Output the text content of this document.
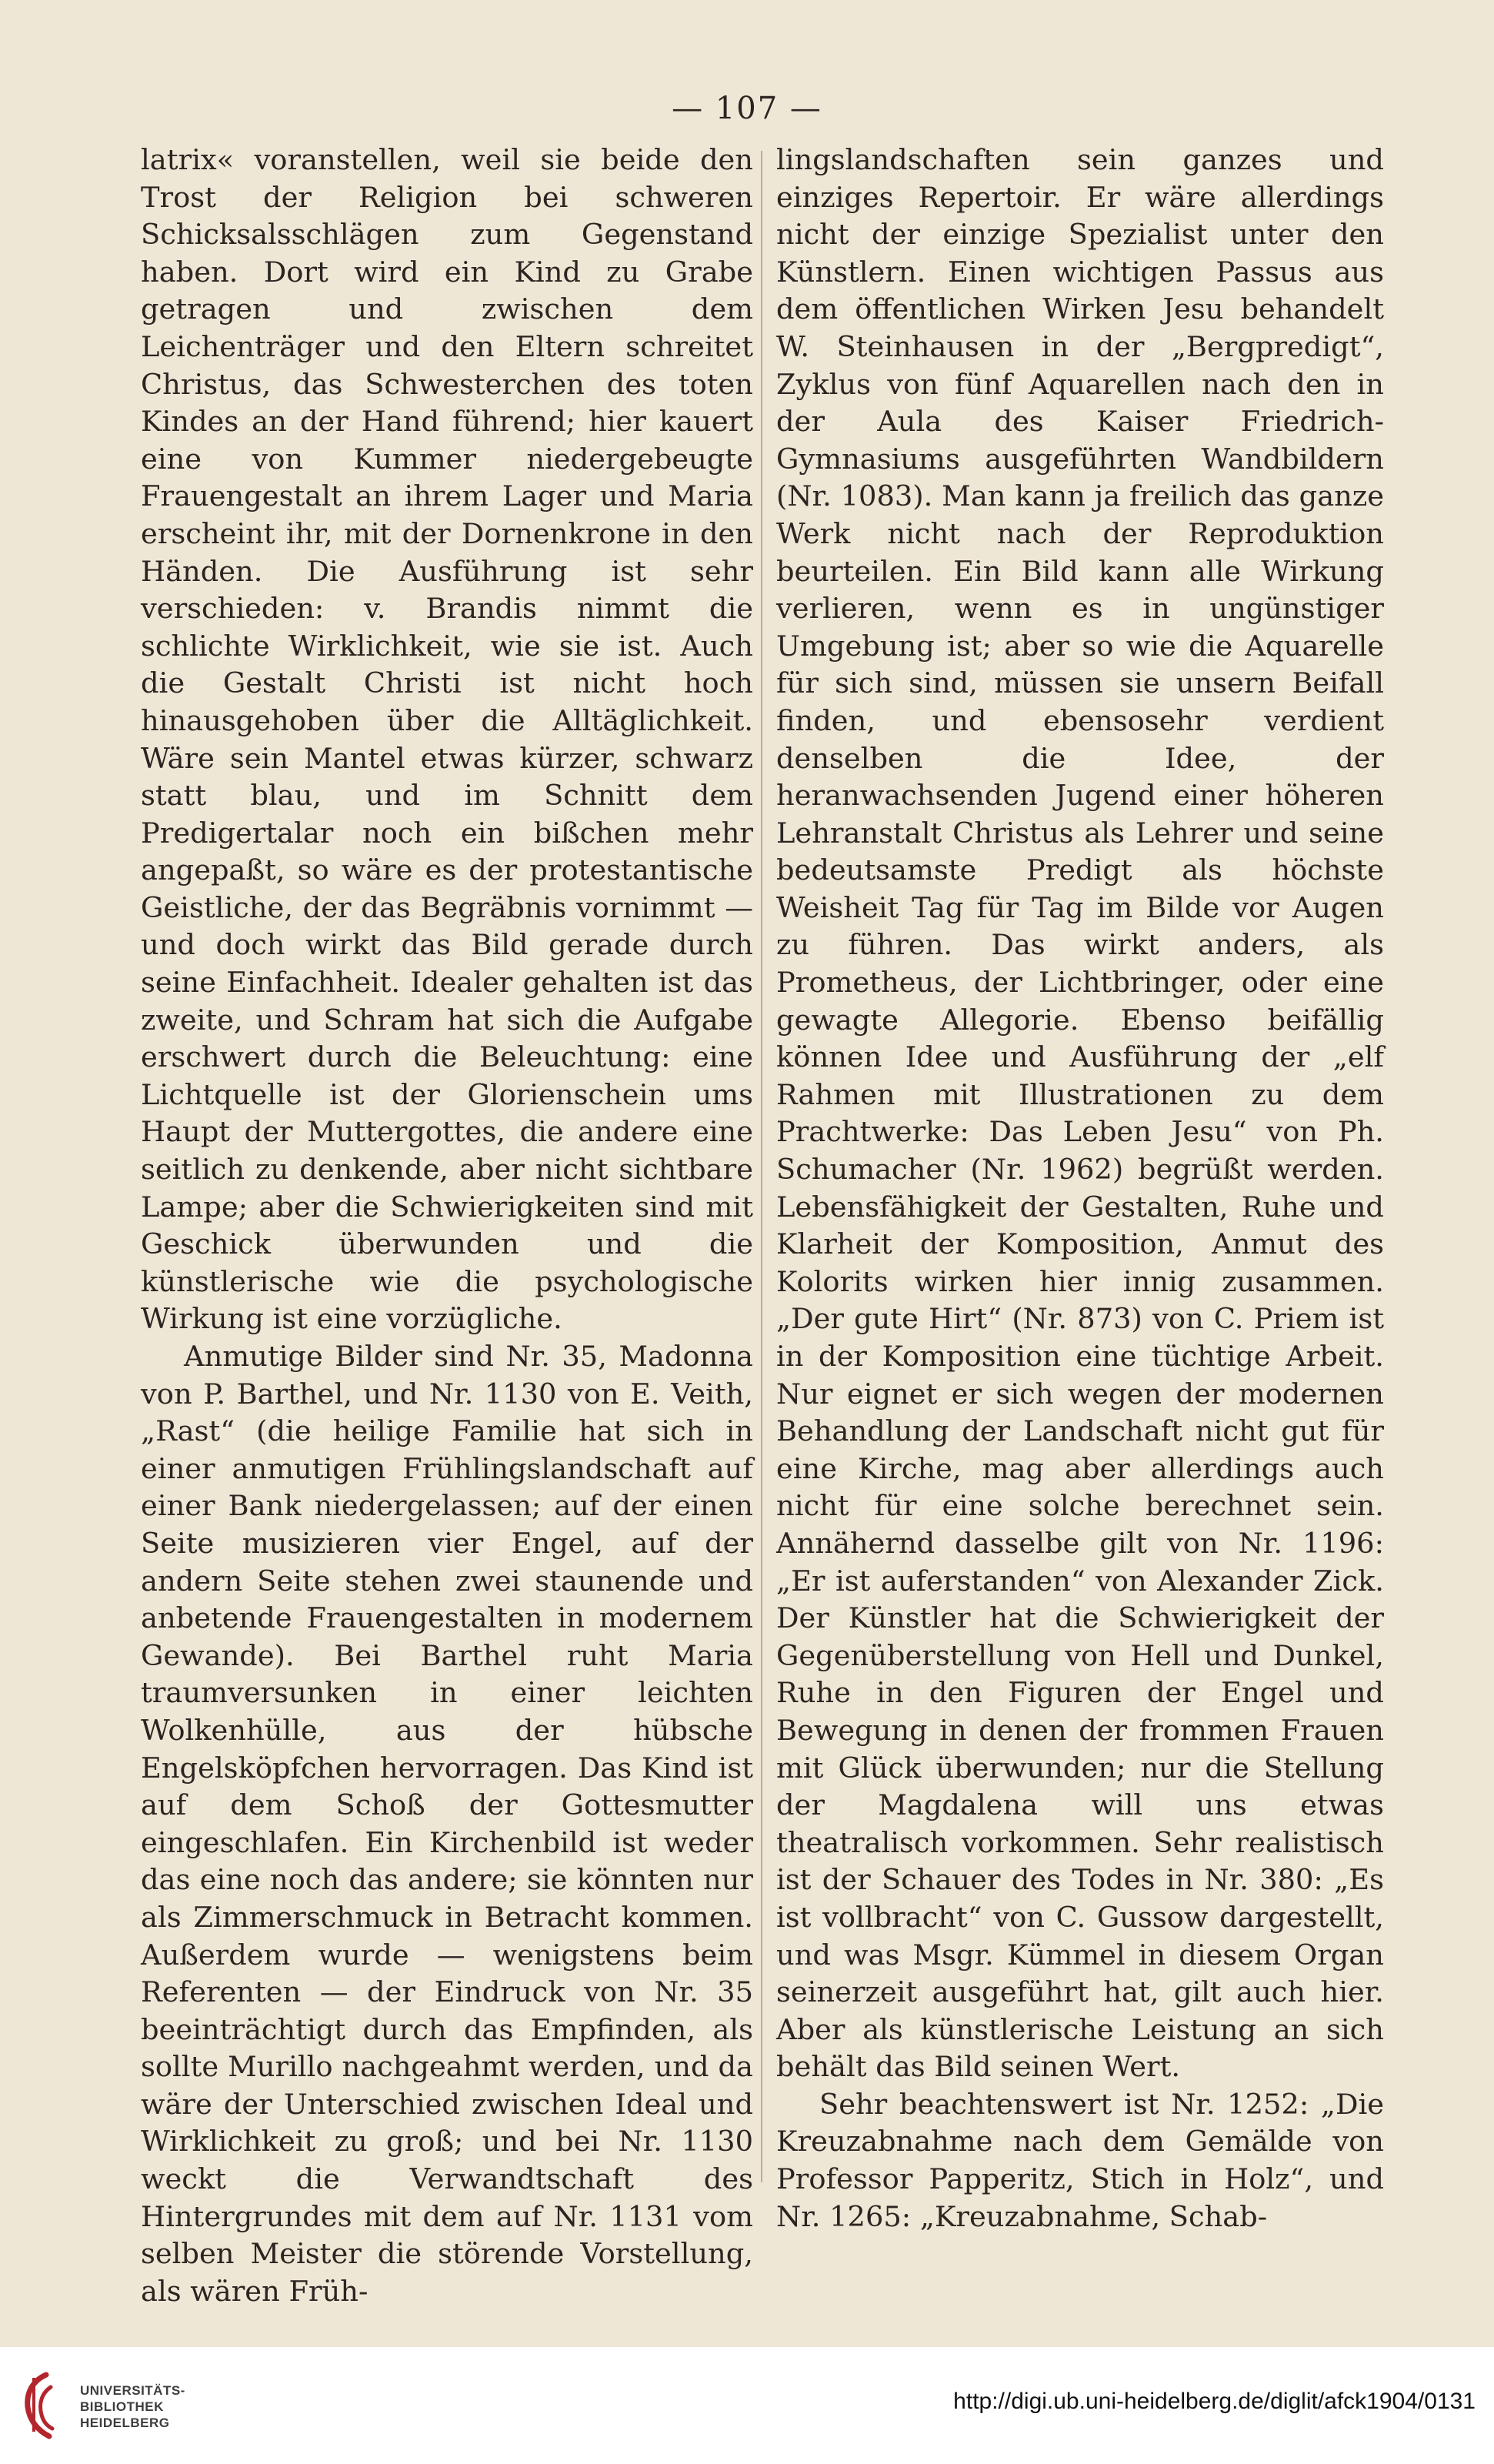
— 107 —

latrix« voranstellen, weil sie beide den Trost der Religion bei schweren Schicksalsschlägen zum Gegenstand haben. Dort wird ein Kind zu Grabe getragen und zwischen dem Leichenträger und den Eltern schreitet Christus, das Schwesterchen des toten Kindes an der Hand führend; hier kauert eine von Kummer niedergebeugte Frauengestalt an ihrem Lager und Maria erscheint ihr, mit der Dornenkrone in den Händen. Die Ausführung ist sehr verschieden: v. Brandis nimmt die schlichte Wirklichkeit, wie sie ist. Auch die Gestalt Christi ist nicht hoch hinausgehoben über die Alltäglichkeit. Wäre sein Mantel etwas kürzer, schwarz statt blau, und im Schnitt dem Predigertalar noch ein bißchen mehr angepaßt, so wäre es der protestantische Geistliche, der das Begräbnis vornimmt — und doch wirkt das Bild gerade durch seine Einfachheit. Idealer gehalten ist das zweite, und Schram hat sich die Aufgabe erschwert durch die Beleuchtung: eine Lichtquelle ist der Glorienschein ums Haupt der Muttergottes, die andere eine seitlich zu denkende, aber nicht sichtbare Lampe; aber die Schwierigkeiten sind mit Geschick überwunden und die künstlerische wie die psychologische Wirkung ist eine vorzügliche.

Anmutige Bilder sind Nr. 35, Madonna von P. Barthel, und Nr. 1130 von E. Veith, „Rast“ (die heilige Familie hat sich in einer anmutigen Frühlingslandschaft auf einer Bank niedergelassen; auf der einen Seite musizieren vier Engel, auf der andern Seite stehen zwei staunende und anbetende Frauengestalten in modernem Gewande). Bei Barthel ruht Maria traumversunken in einer leichten Wolkenhülle, aus der hübsche Engelsköpfchen hervorragen. Das Kind ist auf dem Schoß der Gottesmutter eingeschlafen. Ein Kirchenbild ist weder das eine noch das andere; sie könnten nur als Zimmerschmuck in Betracht kommen. Außerdem wurde — wenigstens beim Referenten — der Eindruck von Nr. 35 beeinträchtigt durch das Empfinden, als sollte Murillo nachgeahmt werden, und da wäre der Unterschied zwischen Ideal und Wirklichkeit zu groß; und bei Nr. 1130 weckt die Verwandtschaft des Hintergrundes mit dem auf Nr. 1131 vom selben Meister die störende Vorstellung, als wären Früh-

lingslandschaften sein ganzes und einziges Repertoir. Er wäre allerdings nicht der einzige Spezialist unter den Künstlern. Einen wichtigen Passus aus dem öffentlichen Wirken Jesu behandelt W. Steinhausen in der „Bergpredigt“, Zyklus von fünf Aquarellen nach den in der Aula des Kaiser Friedrich-Gymnasiums ausgeführten Wandbildern (Nr. 1083). Man kann ja freilich das ganze Werk nicht nach der Reproduktion beurteilen. Ein Bild kann alle Wirkung verlieren, wenn es in ungünstiger Umgebung ist; aber so wie die Aquarelle für sich sind, müssen sie unsern Beifall finden, und ebensosehr verdient denselben die Idee, der heranwachsenden Jugend einer höheren Lehranstalt Christus als Lehrer und seine bedeutsamste Predigt als höchste Weisheit Tag für Tag im Bilde vor Augen zu führen. Das wirkt anders, als Prometheus, der Lichtbringer, oder eine gewagte Allegorie. Ebenso beifällig können Idee und Ausführung der „elf Rahmen mit Illustrationen zu dem Prachtwerke: Das Leben Jesu“ von Ph. Schumacher (Nr. 1962) begrüßt werden. Lebensfähigkeit der Gestalten, Ruhe und Klarheit der Komposition, Anmut des Kolorits wirken hier innig zusammen. „Der gute Hirt“ (Nr. 873) von C. Priem ist in der Komposition eine tüchtige Arbeit. Nur eignet er sich wegen der modernen Behandlung der Landschaft nicht gut für eine Kirche, mag aber allerdings auch nicht für eine solche berechnet sein. Annähernd dasselbe gilt von Nr. 1196: „Er ist auferstanden“ von Alexander Zick. Der Künstler hat die Schwierigkeit der Gegenüberstellung von Hell und Dunkel, Ruhe in den Figuren der Engel und Bewegung in denen der frommen Frauen mit Glück überwunden; nur die Stellung der Magdalena will uns etwas theatralisch vorkommen. Sehr realistisch ist der Schauer des Todes in Nr. 380: „Es ist vollbracht“ von C. Gussow dargestellt, und was Msgr. Kümmel in diesem Organ seinerzeit ausgeführt hat, gilt auch hier. Aber als künstlerische Leistung an sich behält das Bild seinen Wert.

Sehr beachtenswert ist Nr. 1252: „Die Kreuzabnahme nach dem Gemälde von Professor Papperitz, Stich in Holz“, und Nr. 1265: „Kreuzabnahme, Schab-

UNIVERSITÄTS-
BIBLIOTHEK
HEIDELBERG
http://digi.ub.uni-heidelberg.de/diglit/afck1904/0131
